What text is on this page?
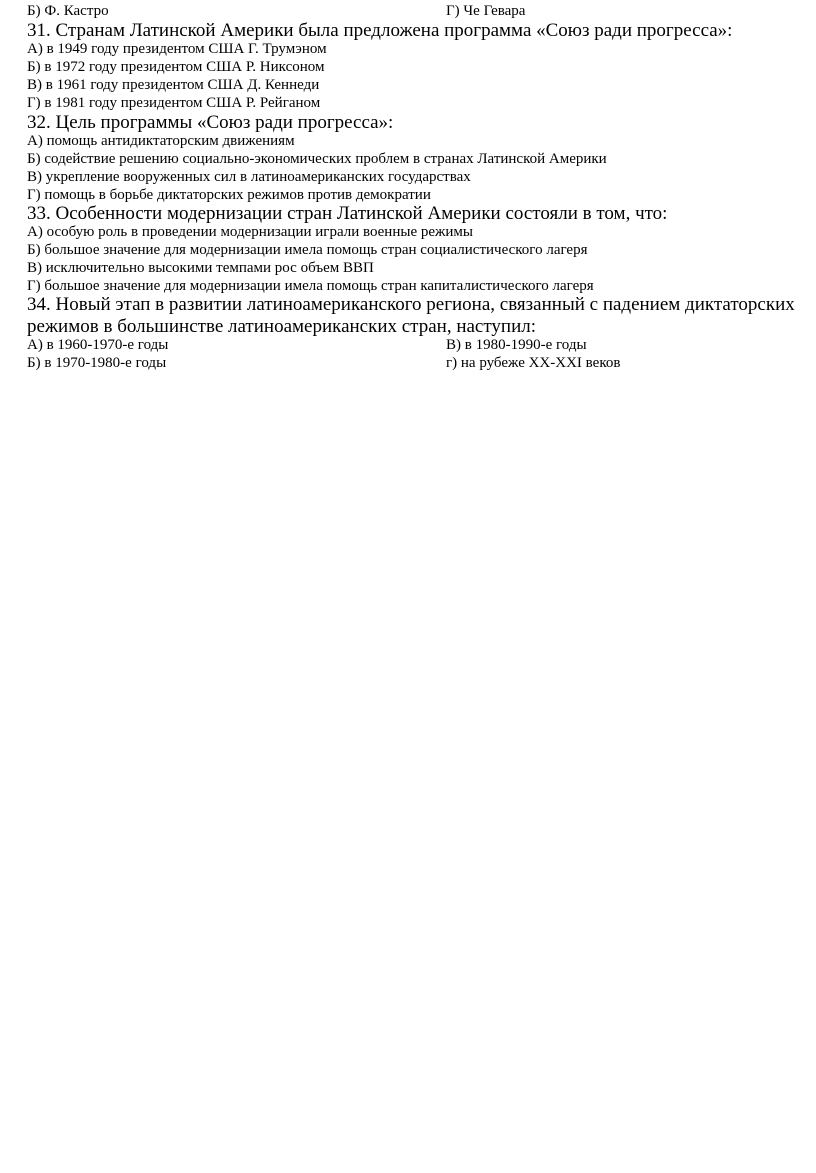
Б) Ф. Кастро	Г) Че Гевара
31. Странам Латинской Америки была предложена программа «Союз ради прогресса»:
А) в 1949 году президентом США Г. Трумэном
Б) в 1972 году президентом США Р. Никсоном
В) в 1961 году президентом США Д. Кеннеди
Г) в 1981 году президентом США Р. Рейганом
32. Цель программы «Союз ради прогресса»:
А) помощь антидиктаторским движениям
Б) содействие решению социально-экономических проблем в странах Латинской Америки
В) укрепление вооруженных сил в латиноамериканских государствах
Г) помощь в борьбе диктаторских режимов против демократии
33. Особенности модернизации стран Латинской Америки состояли в том, что:
А) особую роль в проведении модернизации играли военные режимы
Б) большое значение для модернизации имела помощь стран социалистического лагеря
В) исключительно высокими темпами рос объем ВВП
Г) большое значение для модернизации имела помощь стран капиталистического лагеря
34. Новый этап в развитии латиноамериканского региона, связанный с падением диктаторских
режимов в большинстве латиноамериканских стран, наступил:
А) в 1960-1970-е годы	В) в 1980-1990-е годы
Б) в 1970-1980-е годы	г) на рубеже XX-XXI веков
